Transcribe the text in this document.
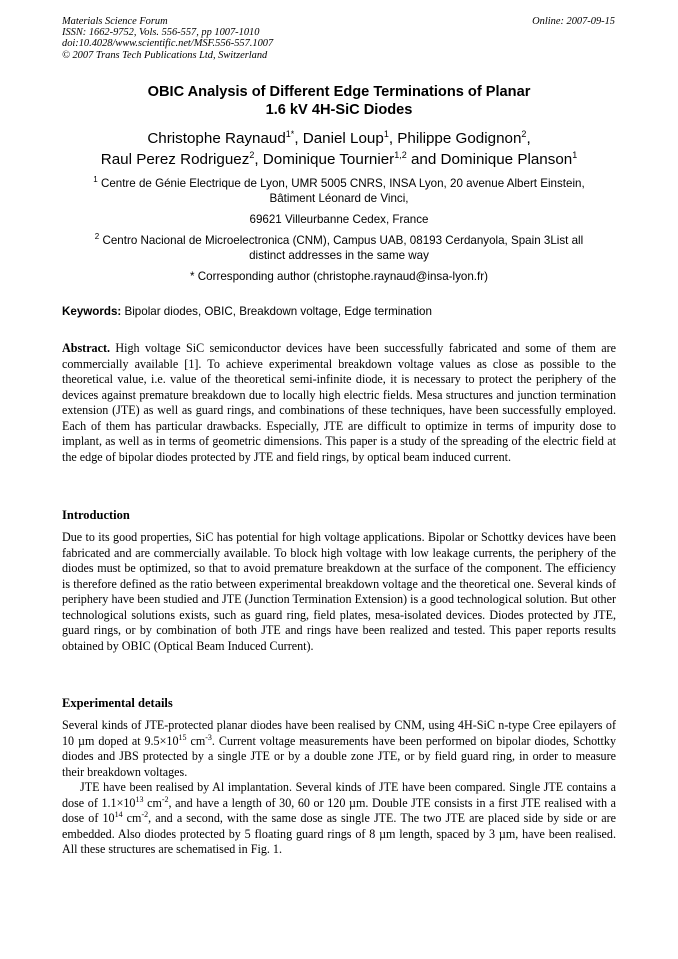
Materials Science Forum
ISSN: 1662-9752, Vols. 556-557, pp 1007-1010
doi:10.4028/www.scientific.net/MSF.556-557.1007
© 2007 Trans Tech Publications Ltd, Switzerland
Online: 2007-09-15
OBIC Analysis of Different Edge Terminations of Planar
1.6 kV 4H-SiC Diodes
Christophe Raynaud$^{1*}$, Daniel Loup$^1$, Philippe Godignon$^2$,
Raul Perez Rodriguez$^2$, Dominique Tournier$^{1,2}$ and Dominique Planson$^1$
$^1$ Centre de Génie Electrique de Lyon, UMR 5005 CNRS, INSA Lyon, 20 avenue Albert Einstein,
Bâtiment Léonard de Vinci,
69621 Villeurbanne Cedex, France
$^2$ Centro Nacional de Microelectronica (CNM), Campus UAB, 08193 Cerdanyola, Spain 3List all
distinct addresses in the same way
* Corresponding author (christophe.raynaud@insa-lyon.fr)
Keywords: Bipolar diodes, OBIC, Breakdown voltage, Edge termination
Abstract. High voltage SiC semiconductor devices have been successfully fabricated and some of them are commercially available [1]. To achieve experimental breakdown voltage values as close as possible to the theoretical value, i.e. value of the theoretical semi-infinite diode, it is necessary to protect the periphery of the devices against premature breakdown due to locally high electric fields. Mesa structures and junction termination extension (JTE) as well as guard rings, and combinations of these techniques, have been successfully employed. Each of them has particular drawbacks. Especially, JTE are difficult to optimize in terms of impurity dose to implant, as well as in terms of geometric dimensions. This paper is a study of the spreading of the electric field at the edge of bipolar diodes protected by JTE and field rings, by optical beam induced current.
Introduction
Due to its good properties, SiC has potential for high voltage applications. Bipolar or Schottky devices have been fabricated and are commercially available. To block high voltage with low leakage currents, the periphery of the diodes must be optimized, so that to avoid premature breakdown at the surface of the component. The efficiency is therefore defined as the ratio between experimental breakdown voltage and the theoretical one. Several kinds of periphery have been studied and JTE (Junction Termination Extension) is a good technological solution. But other technological solutions exists, such as guard ring, field plates, mesa-isolated devices. Diodes protected by JTE, guard rings, or by combination of both JTE and rings have been realized and tested. This paper reports results obtained by OBIC (Optical Beam Induced Current).
Experimental details
Several kinds of JTE-protected planar diodes have been realised by CNM, using 4H-SiC n-type Cree epilayers of 10 µm doped at $9.5\times 10^{15}$ $cm^{-3}$. Current voltage measurements have been performed on bipolar diodes, Schottky diodes and JBS protected by a single JTE or by a double zone JTE, or by field guard ring, in order to measure their breakdown voltages.
JTE have been realised by Al implantation. Several kinds of JTE have been compared. Single JTE contains a dose of $1.1\times 10^{13}$ $cm^{-2}$, and have a length of 30, 60 or 120 µm. Double JTE consists in a first JTE realised with a dose of $10^{14}$ $cm^{-2}$, and a second, with the same dose as single JTE. The two JTE are placed side by side or are embedded. Also diodes protected by 5 floating guard rings of 8 µm length, spaced by 3 µm, have been realised. All these structures are schematised in Fig. 1.
